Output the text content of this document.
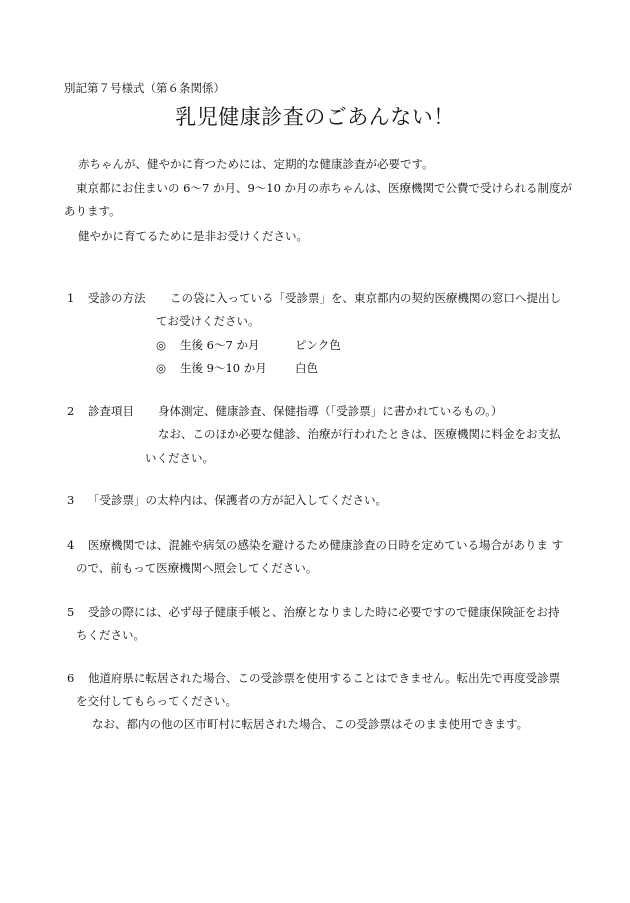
別記第７号様式（第６条関係）
乳児健康診査のごあんない！
赤ちゃんが、健やかに育つためには、定期的な健康診査が必要です。
東京都にお住まいの 6〜7 か月、9〜10 か月の赤ちゃんは、医療機関で公費で受けられる制度が
あります。
健やかに育てるために是非お受けください。
1 受診の方法 この袋に入っている「受診票」を、東京都内の契約医療機関の窓口へ提出し
てお受けください。
◎ 生後 6〜7 か月	ピンク色
◎ 生後 9〜10 か月 白色
2 診査項目 身体測定、健康診査、保健指導（「受診票」に書かれているもの。）
なお、このほか必要な健診、治療が行われたときは、医療機関に料金をお支払
いください。
3 「受診票」の太枠内は、保護者の方が記入してください。
4 医療機関では、混雑や病気の感染を避けるため健康診査の日時を定めている場合がありま す
ので、前もって医療機関へ照会してください。
5 受診の際には、必ず母子健康手帳と、治療となりました時に必要ですので健康保険証をお持
ちください。
6 他道府県に転居された場合、この受診票を使用することはできません。転出先で再度受診票
を交付してもらってください。
なお、都内の他の区市町村に転居された場合、この受診票はそのまま使用できます。
